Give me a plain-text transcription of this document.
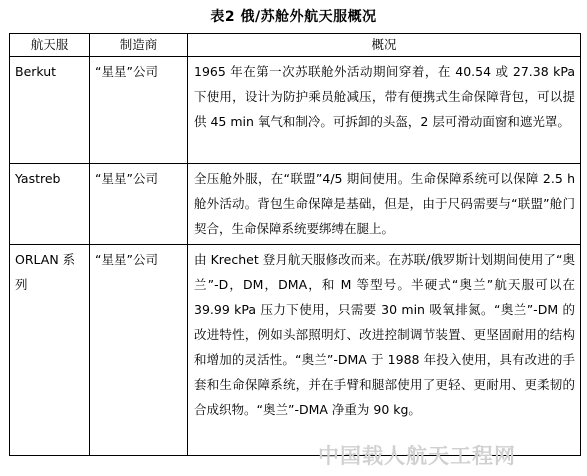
表2 俄/苏舱外航天服概况
航天服	制造商	概况
Berkut	“星星”公司	1965 年在第一次苏联舱外活动期间穿着，在 40.54 或 27.38 kPa 下使用，设计为防护乘员舱减压，带有便携式生命保障背包，可以提供 45 min 氧气和制冷。可拆卸的头盔，2 层可滑动面窗和遮光罩。
Yastreb	“星星”公司	全压舱外服，在“联盟”4/5 期间使用。生命保障系统可以保障 2.5 h 舱外活动。背包生命保障是基础，但是，由于尺码需要与“联盟”舱门契合，生命保障系统要绑缚在腿上。
ORLAN 系列	“星星”公司	由 Krechet 登月航天服修改而来。在苏联/俄罗斯计划期间使用了“奥兰”-D，DM，DMA，和 M 等型号。半硬式“奥兰”航天服可以在 39.99 kPa 压力下使用，只需要 30 min 吸氧排氮。“奥兰”-DM 的改进特性，例如头部照明灯、改进控制调节装置、更坚固耐用的结构和增加的灵活性。“奥兰”-DMA 于 1988 年投入使用，具有改进的手套和生命保障系统，并在手臂和腿部使用了更轻、更耐用、更柔韧的合成织物。“奥兰”-DMA 净重为 90 kg。
中国载人航天工程网
